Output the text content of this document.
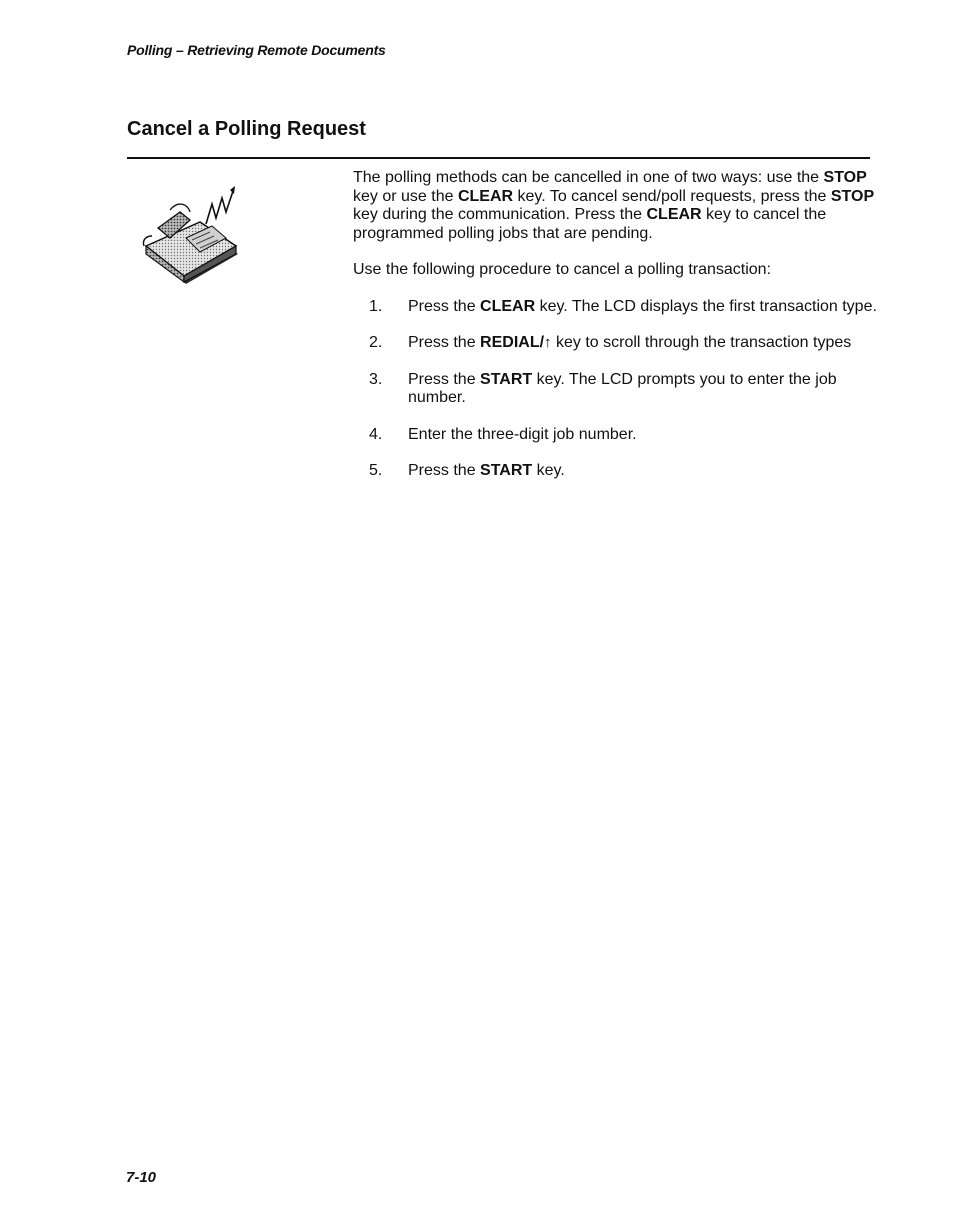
Polling – Retrieving Remote Documents
Cancel a Polling Request

The polling methods can be cancelled in one of two ways: use the STOP key or use the CLEAR key. To cancel send/poll requests, press the STOP key during the communication. Press the CLEAR key to cancel the programmed polling jobs that are pending.

Use the following procedure to cancel a polling transaction:

1.	Press the CLEAR key. The LCD displays the first transaction type.
2.	Press the REDIAL/↑ key to scroll through the transaction types
3.	Press the START key. The LCD prompts you to enter the job number.
4.	Enter the three-digit job number.
5.	Press the START key.
7-10
